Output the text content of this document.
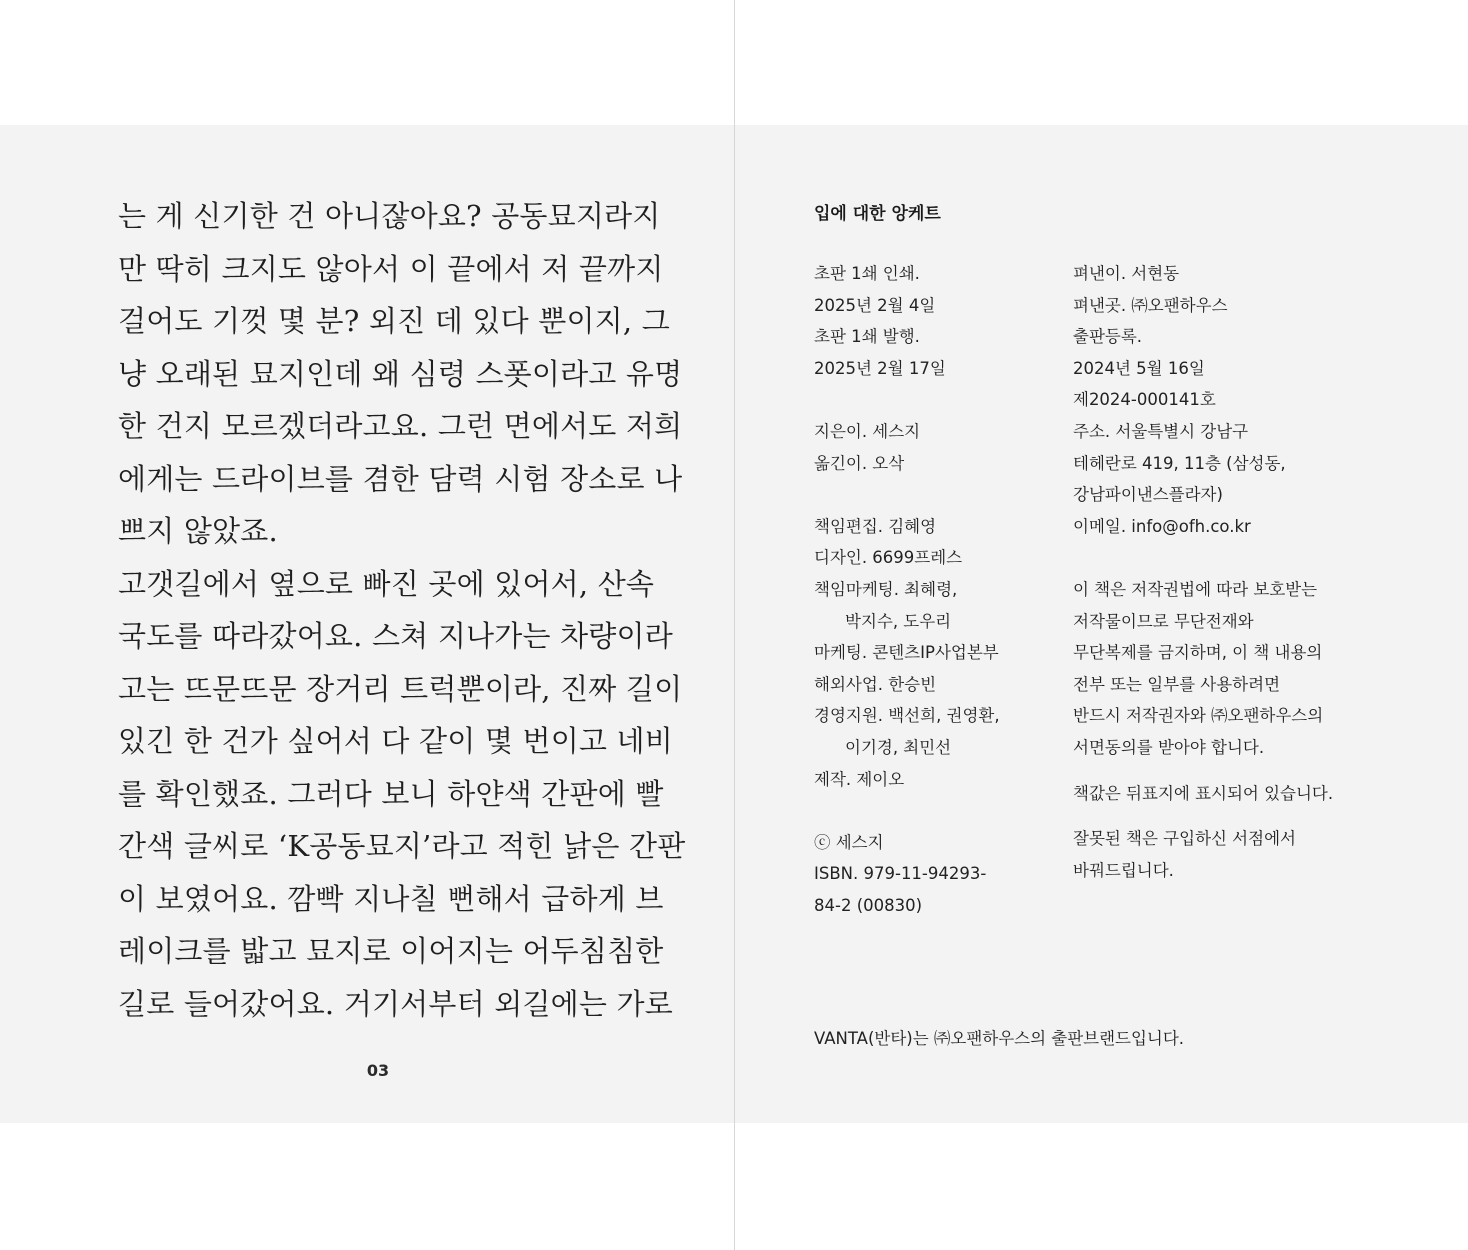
는 게 신기한 건 아니잖아요? 공동묘지라지
만 딱히 크지도 않아서 이 끝에서 저 끝까지
걸어도 기껏 몇 분? 외진 데 있다 뿐이지, 그
냥 오래된 묘지인데 왜 심령 스폿이라고 유명
한 건지 모르겠더라고요. 그런 면에서도 저희
에게는 드라이브를 겸한 담력 시험 장소로 나
쁘지 않았죠.
고갯길에서 옆으로 빠진 곳에 있어서, 산속
국도를 따라갔어요. 스쳐 지나가는 차량이라
고는 뜨문뜨문 장거리 트럭뿐이라, 진짜 길이
있긴 한 건가 싶어서 다 같이 몇 번이고 네비
를 확인했죠. 그러다 보니 하얀색 간판에 빨
간색 글씨로 ‘K공동묘지’라고 적힌 낡은 간판
이 보였어요. 깜빡 지나칠 뻔해서 급하게 브
레이크를 밟고 묘지로 이어지는 어두침침한
길로 들어갔어요. 거기서부터 외길에는 가로
03
입에 대한 앙케트
초판 1쇄 인쇄.
2025년 2월 4일
초판 1쇄 발행.
2025년 2월 17일
지은이. 세스지
옮긴이. 오삭
책임편집. 김혜영
디자인. 6699프레스
책임마케팅. 최혜령,
박지수, 도우리
마케팅. 콘텐츠IP사업본부
해외사업. 한승빈
경영지원. 백선희, 권영환,
이기경, 최민선
제작. 제이오
ⓒ 세스지
ISBN. 979-11-94293-
84-2 (00830)
펴낸이. 서현동
펴낸곳. ㈜오팬하우스
출판등록.
2024년 5월 16일
제2024-000141호
주소. 서울특별시 강남구
테헤란로 419, 11층 (삼성동,
강남파이낸스플라자)
이메일. info@ofh.co.kr
이 책은 저작권법에 따라 보호받는
저작물이므로 무단전재와
무단복제를 금지하며, 이 책 내용의
전부 또는 일부를 사용하려면
반드시 저작권자와 ㈜오팬하우스의
서면동의를 받아야 합니다.
책값은 뒤표지에 표시되어 있습니다.
잘못된 책은 구입하신 서점에서
바꿔드립니다.
VANTA(반타)는 ㈜오팬하우스의 출판브랜드입니다.
